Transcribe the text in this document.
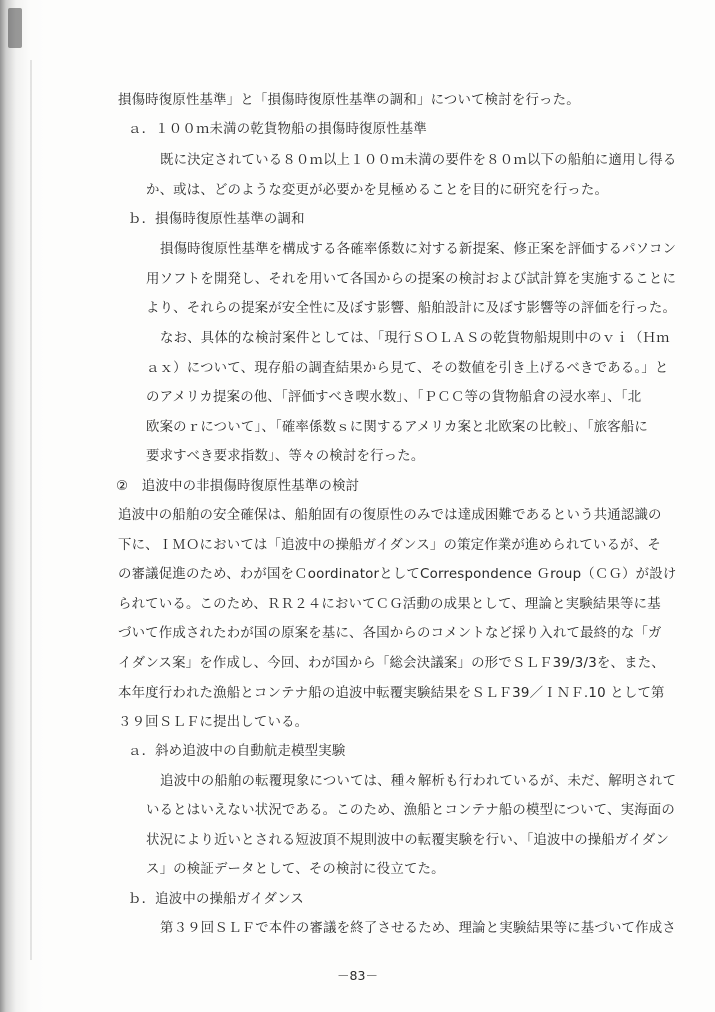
損傷時復原性基準」と「損傷時復原性基準の調和」について検討を行った。
ａ．１００ｍ未満の乾貨物船の損傷時復原性基準
既に決定されている８０ｍ以上１００ｍ未満の要件を８０ｍ以下の船舶に適用し得る
か、或は、どのような変更が必要かを見極めることを目的に研究を行った。
ｂ．損傷時復原性基準の調和
損傷時復原性基準を構成する各確率係数に対する新提案、修正案を評価するパソコン
用ソフトを開発し、それを用いて各国からの提案の検討および試計算を実施することに
より、それらの提案が安全性に及ぼす影響、船舶設計に及ぼす影響等の評価を行った。
なお、具体的な検討案件としては、「現行ＳＯＬＡＳの乾貨物船規則中のｖｉ（Ｈｍ
ａｘ）について、現存船の調査結果から見て、その数値を引き上げるべきである。」と
のアメリカ提案の他、「評価すべき喫水数」、「ＰＣＣ等の貨物船倉の浸水率」、「北
欧案のｒについて」、「確率係数ｓに関するアメリカ案と北欧案の比較」、「旅客船に
要求すべき要求指数」、等々の検討を行った。
②　追波中の非損傷時復原性基準の検討
追波中の船舶の安全確保は、船舶固有の復原性のみでは達成困難であるという共通認識の
下に、ＩＭＯにおいては「追波中の操船ガイダンス」の策定作業が進められているが、そ
の審議促進のため、わが国をＣoordinatorとしてCorrespondence Ｇroup（ＣＧ）が設け
られている。このため、ＲＲ２４においてＣＧ活動の成果として、理論と実験結果等に基
づいて作成されたわが国の原案を基に、各国からのコメントなど採り入れて最終的な「ガ
イダンス案」を作成し、今回、わが国から「総会決議案」の形でＳＬＦ39/3/3を、また、
本年度行われた漁船とコンテナ船の追波中転覆実験結果をＳＬＦ39／ＩＮＦ.10 として第
３９回ＳＬＦに提出している。
ａ．斜め追波中の自動航走模型実験
追波中の船舶の転覆現象については、種々解析も行われているが、未だ、解明されて
いるとはいえない状況である。このため、漁船とコンテナ船の模型について、実海面の
状況により近いとされる短波頂不規則波中の転覆実験を行い、「追波中の操船ガイダン
ス」の検証データとして、その検討に役立てた。
ｂ．追波中の操船ガイダンス
第３９回ＳＬＦで本件の審議を終了させるため、理論と実験結果等に基づいて作成さ
－83－
